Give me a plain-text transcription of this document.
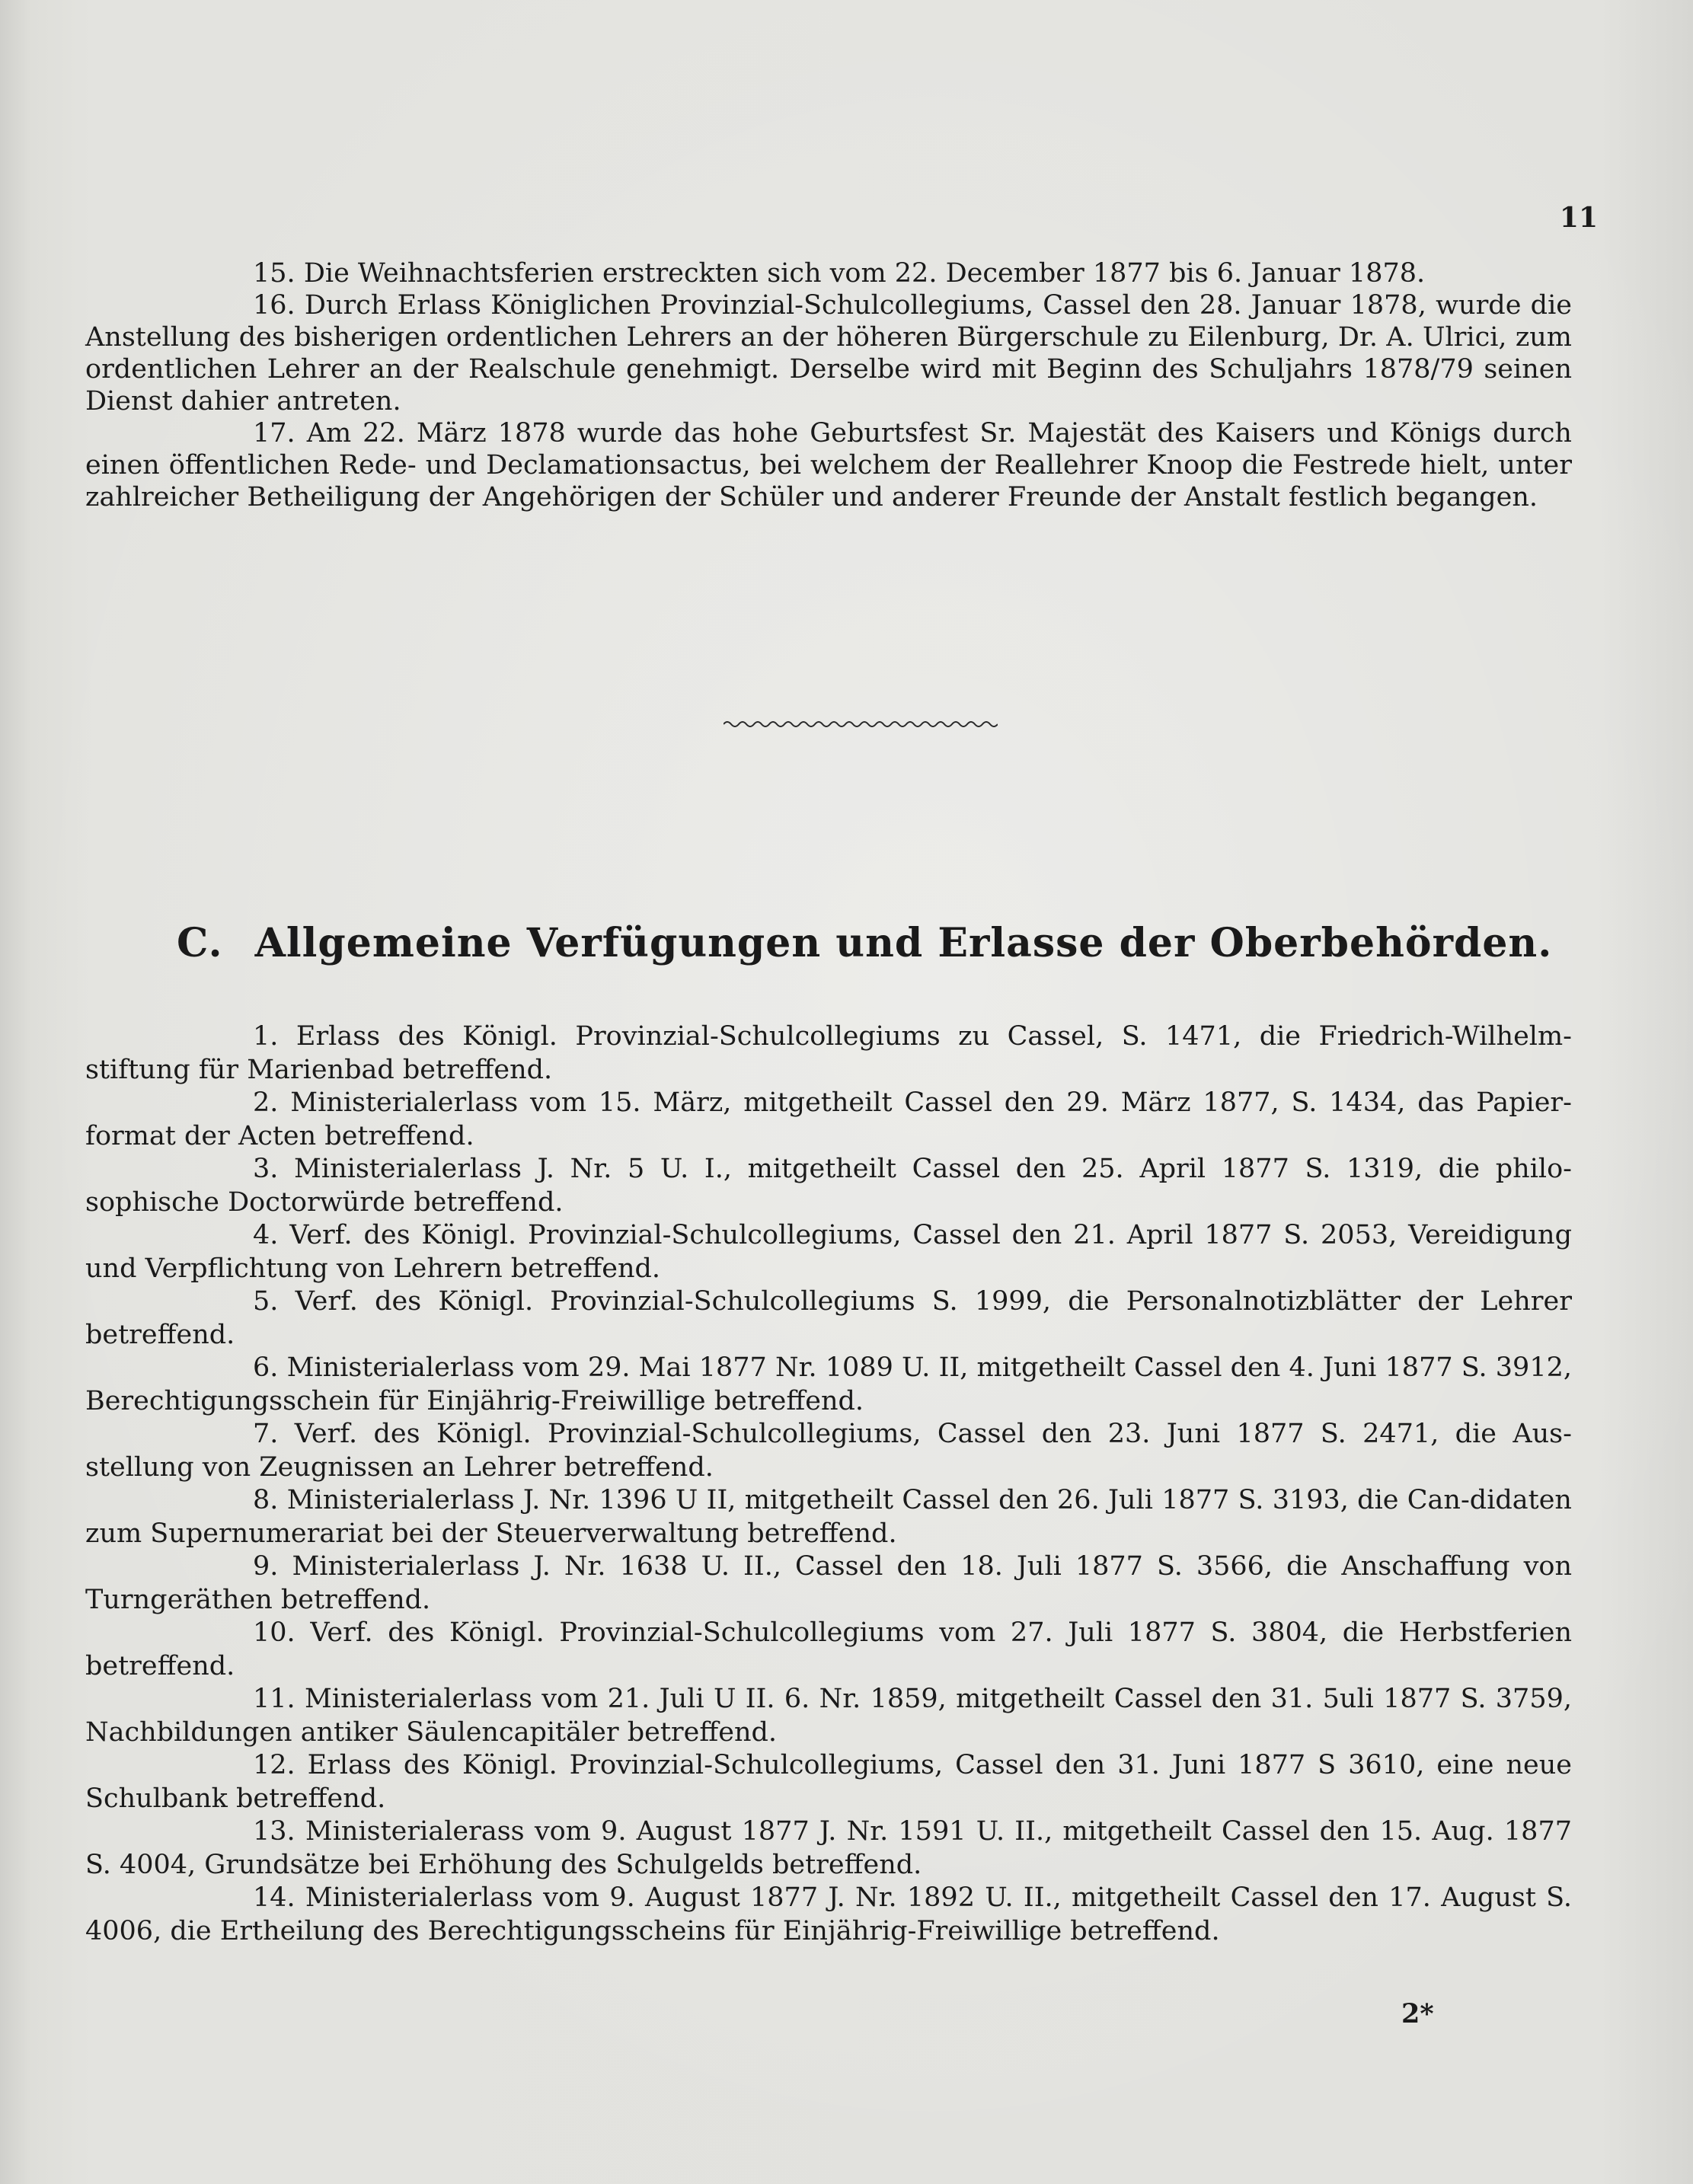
11

15. Die Weihnachtsferien erstreckten sich vom 22. December 1877 bis 6. Januar 1878.

16. Durch Erlass Königlichen Provinzial-Schulcollegiums, Cassel den 28. Januar 1878, wurde die Anstellung des bisherigen ordentlichen Lehrers an der höheren Bürgerschule zu Eilenburg, Dr. A. Ulrici, zum ordentlichen Lehrer an der Realschule genehmigt. Derselbe wird mit Beginn des Schuljahrs 1878/79 seinen Dienst dahier antreten.

17. Am 22. März 1878 wurde das hohe Geburtsfest Sr. Majestät des Kaisers und Königs durch einen öffentlichen Rede- und Declamationsactus, bei welchem der Reallehrer Knoop die Festrede hielt, unter zahlreicher Betheiligung der Angehörigen der Schüler und anderer Freunde der Anstalt festlich begangen.

C. Allgemeine Verfügungen und Erlasse der Oberbehörden.

1. Erlass des Königl. Provinzial-Schulcollegiums zu Cassel, S. 1471, die Friedrich-Wilhelm-stiftung für Marienbad betreffend.

2. Ministerialerlass vom 15. März, mitgetheilt Cassel den 29. März 1877, S. 1434, das Papier-format der Acten betreffend.

3. Ministerialerlass J. Nr. 5 U. I., mitgetheilt Cassel den 25. April 1877 S. 1319, die philo-sophische Doctorwürde betreffend.

4. Verf. des Königl. Provinzial-Schulcollegiums, Cassel den 21. April 1877 S. 2053, Vereidigung und Verpflichtung von Lehrern betreffend.

5. Verf. des Königl. Provinzial-Schulcollegiums S. 1999, die Personalnotizblätter der Lehrer betreffend.

6. Ministerialerlass vom 29. Mai 1877 Nr. 1089 U. II, mitgetheilt Cassel den 4. Juni 1877 S. 3912, Berechtigungsschein für Einjährig-Freiwillige betreffend.

7. Verf. des Königl. Provinzial-Schulcollegiums, Cassel den 23. Juni 1877 S. 2471, die Aus-stellung von Zeugnissen an Lehrer betreffend.

8. Ministerialerlass J. Nr. 1396 U II, mitgetheilt Cassel den 26. Juli 1877 S. 3193, die Can-didaten zum Supernumerariat bei der Steuerverwaltung betreffend.

9. Ministerialerlass J. Nr. 1638 U. II., Cassel den 18. Juli 1877 S. 3566, die Anschaffung von Turngeräthen betreffend.

10. Verf. des Königl. Provinzial-Schulcollegiums vom 27. Juli 1877 S. 3804, die Herbstferien betreffend.

11. Ministerialerlass vom 21. Juli U II. 6. Nr. 1859, mitgetheilt Cassel den 31. 5uli 1877 S. 3759, Nachbildungen antiker Säulencapitäler betreffend.

12. Erlass des Königl. Provinzial-Schulcollegiums, Cassel den 31. Juni 1877 S 3610, eine neue Schulbank betreffend.

13. Ministerialerass vom 9. August 1877 J. Nr. 1591 U. II., mitgetheilt Cassel den 15. Aug. 1877 S. 4004, Grundsätze bei Erhöhung des Schulgelds betreffend.

14. Ministerialerlass vom 9. August 1877 J. Nr. 1892 U. II., mitgetheilt Cassel den 17. August S. 4006, die Ertheilung des Berechtigungsscheins für Einjährig-Freiwillige betreffend.

2*
